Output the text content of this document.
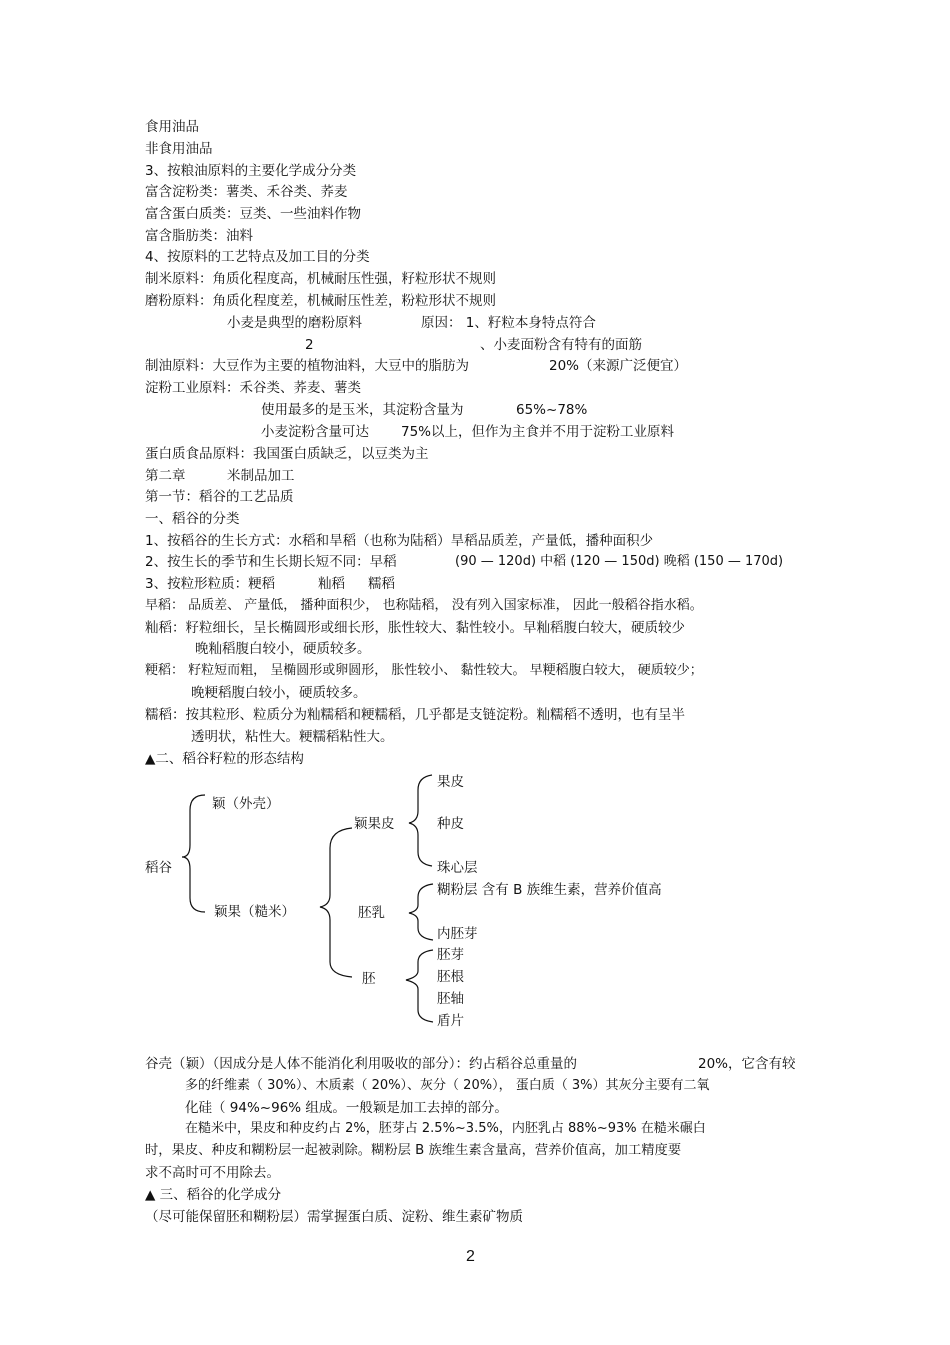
食用油品
非食用油品
3、按粮油原料的主要化学成分分类
富含淀粉类：薯类、禾谷类、荞麦
富含蛋白质类：豆类、一些油料作物
富含脂肪类：油料
4、按原料的工艺特点及加工目的分类
制米原料：角质化程度高，机械耐压性强，籽粒形状不规则
磨粉原料：角质化程度差，机械耐压性差，粉粒形状不规则
小麦是典型的磨粉原料	原因： 1、籽粒本身特点符合
2	、小麦面粉含有特有的面筋
制油原料：大豆作为主要的植物油料，大豆中的脂肪为	20%（来源广泛便宜）
淀粉工业原料：禾谷类、荞麦、薯类
使用最多的是玉米，其淀粉含量为	65%~78%
小麦淀粉含量可达 75%以上，但作为主食并不用于淀粉工业原料
蛋白质食品原料：我国蛋白质缺乏，以豆类为主
第二章	米制品加工
第一节：稻谷的工艺品质
一、稻谷的分类
1、按稻谷的生长方式：水稻和旱稻（也称为陆稻）旱稻品质差，产量低，播种面积少
2、按生长的季节和生长期长短不同：早稻	(90 — 120d) 中稻 (120 — 150d) 晚稻 (150 — 170d)
3、按粒形粒质：粳稻	籼稻 糯稻
早稻： 品质差、 产量低， 播种面积少， 也称陆稻， 没有列入国家标准， 因此一般稻谷指水稻。
籼稻：籽粒细长，呈长椭圆形或细长形，胀性较大、黏性较小。早籼稻腹白较大，硬质较少
晚籼稻腹白较小，硬质较多。
粳稻： 籽粒短而粗， 呈椭圆形或卵圆形， 胀性较小、 黏性较大。 早粳稻腹白较大， 硬质较少；
晚粳稻腹白较小，硬质较多。
糯稻：按其粒形、粒质分为籼糯稻和粳糯稻，几乎都是支链淀粉。籼糯稻不透明，也有呈半
透明状，粘性大。粳糯稻粘性大。
▲二、稻谷籽粒的形态结构
稻谷
颖（外壳）
颖果（糙米）
颖果皮
胚乳
胚
果皮
种皮
珠心层
糊粉层 含有 B 族维生素，营养价值高
内胚芽
胚芽
胚根
胚轴
盾片
谷壳（颖）（因成分是人体不能消化利用吸收的部分）：约占稻谷总重量的	20%，它含有较
多的纤维素（ 30%）、木质素（ 20%）、灰分（ 20%）， 蛋白质（ 3%）其灰分主要有二氧
化硅（ 94%~96% 组成。一般颖是加工去掉的部分。
在糙米中，果皮和种皮约占 2%，胚芽占 2.5%~3.5%，内胚乳占 88%~93% 在糙米碾白
时，果皮、种皮和糊粉层一起被剥除。糊粉层 B 族维生素含量高，营养价值高，加工精度要
求不高时可不用除去。
▲ 三、稻谷的化学成分
（尽可能保留胚和糊粉层）需掌握蛋白质、淀粉、维生素矿物质
2
